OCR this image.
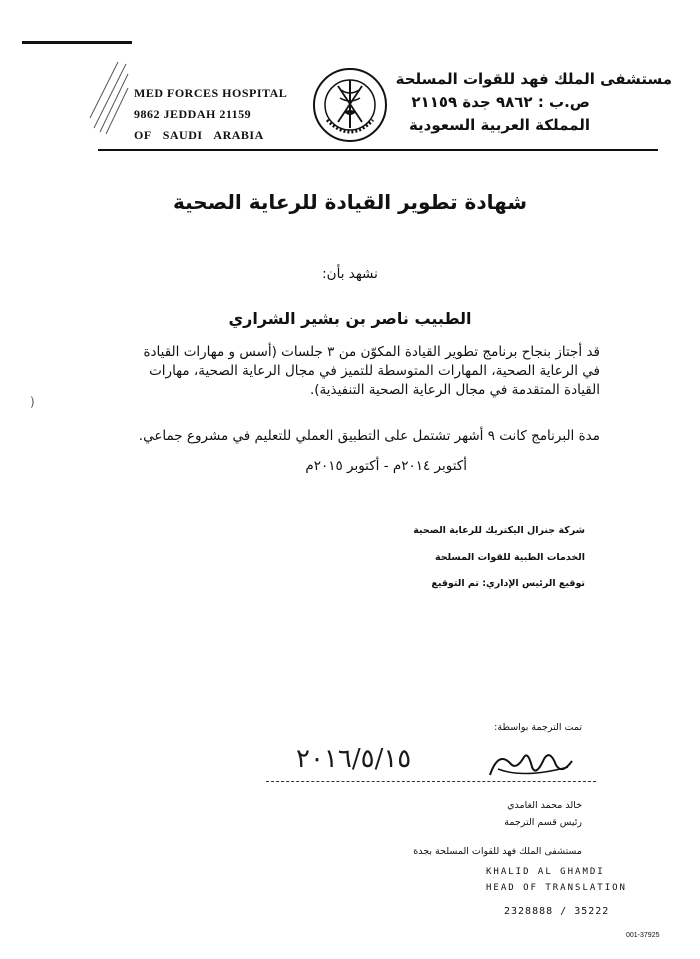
MED FORCES HOSPITAL
9862 JEDDAH 21159
OF SAUDI ARABIA
مستشفى الملك فهد للقوات المسلحة
ص.ب : ٩٨٦٢ جدة ٢١١٥٩
المملكة العربية السعودية
شهادة تطوير القيادة للرعاية الصحية
نشهد بأن:
الطبيب ناصر بن بشير الشراري
قد أجتاز بنجاح برنامج تطوير القيادة المكوّن من ٣ جلسات (أسس و مهارات القيادة
في الرعاية الصحية، المهارات المتوسطة للتميز في مجال الرعاية الصحية، مهارات
القيادة المتقدمة في مجال الرعاية الصحية التنفيذية).
مدة البرنامج كانت ٩ أشهر تشتمل على التطبيق العملي للتعليم في مشروع جماعي.
أكتوبر ٢٠١٤م - أكتوبر ٢٠١٥م
)
شركة جنرال اليكتريك للرعاية الصحية
الخدمات الطبية للقوات المسلحة
توقيع الرئيس الإداري: تم التوقيع
تمت الترجمة بواسطة:
٢٠١٦/٥/١٥
خالد محمد الغامدي
رئيس قسم الترجمة
مستشفى الملك فهد للقوات المسلحة بجدة
KHALID AL GHAMDI
HEAD OF TRANSLATION
2328888 / 35222
001-37925
